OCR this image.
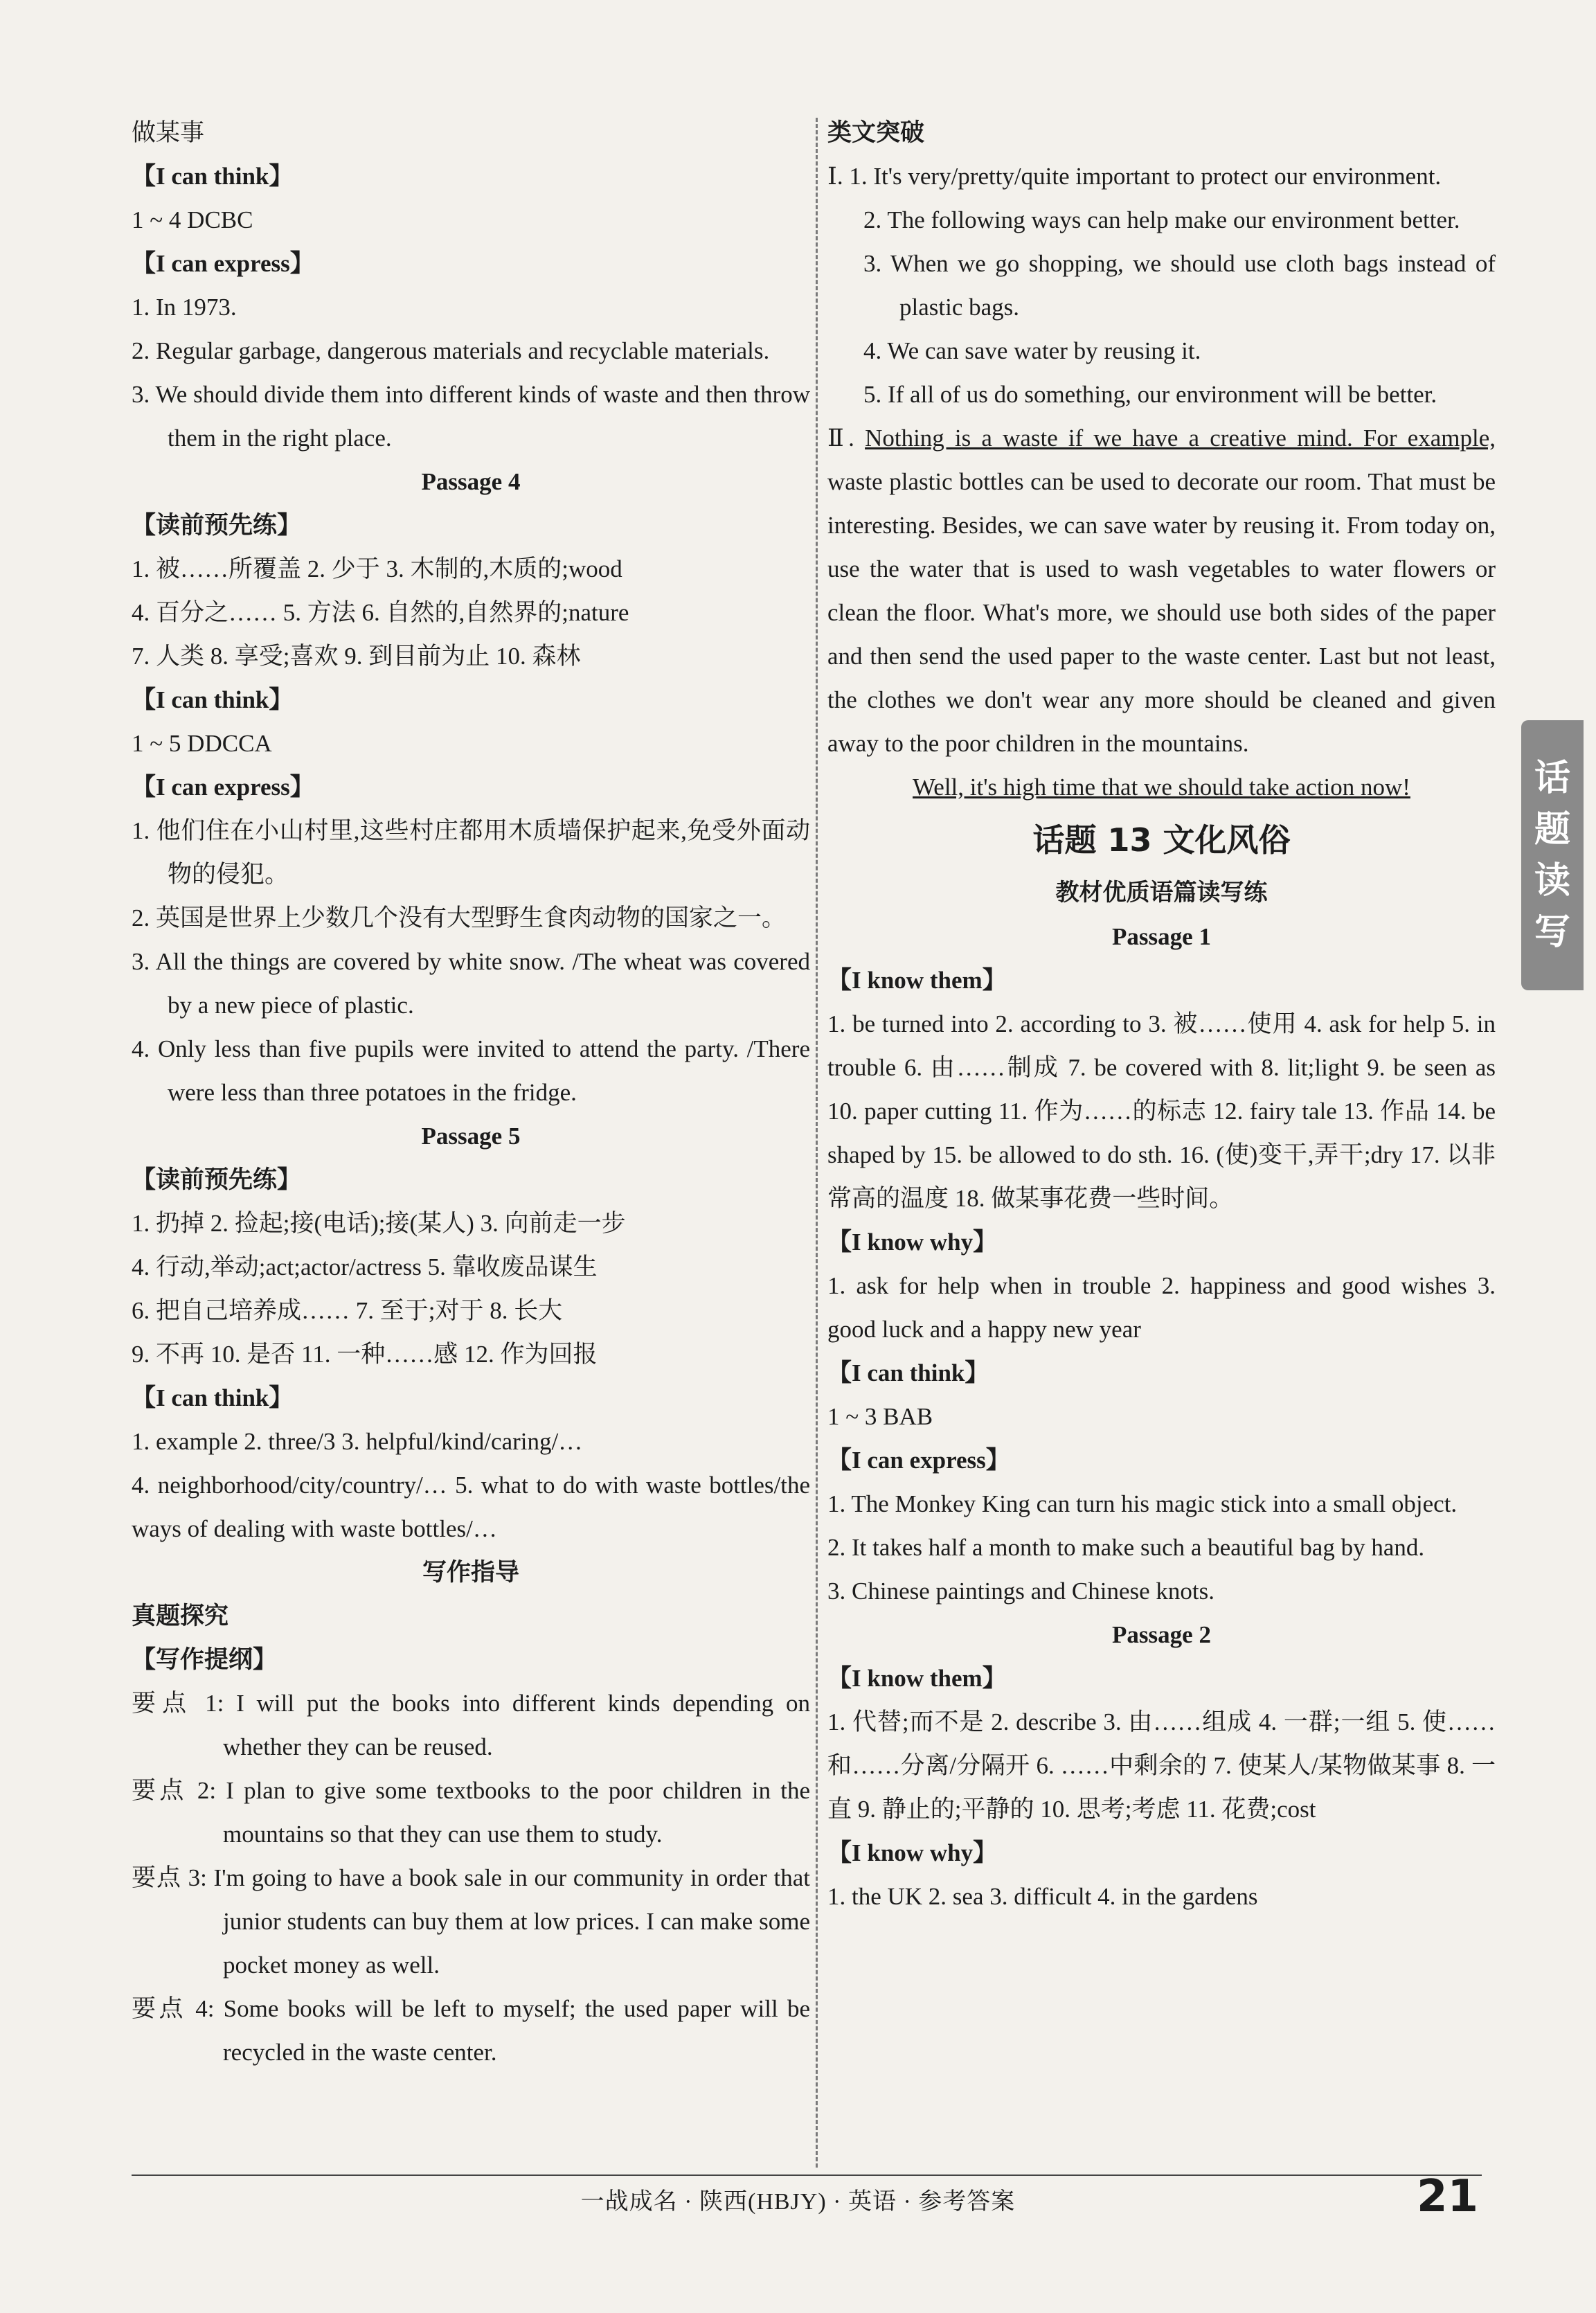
做某事
【I can think】
1 ~ 4 DCBC
【I can express】
1. In 1973.
2. Regular garbage, dangerous materials and recyclable materials.
3. We should divide them into different kinds of waste and then throw them in the right place.
Passage 4
【读前预先练】
1. 被……所覆盖 2. 少于 3. 木制的,木质的;wood
4. 百分之…… 5. 方法 6. 自然的,自然界的;nature
7. 人类 8. 享受;喜欢 9. 到目前为止 10. 森林
【I can think】
1 ~ 5 DDCCA
【I can express】
1. 他们住在小山村里,这些村庄都用木质墙保护起来,免受外面动物的侵犯。
2. 英国是世界上少数几个没有大型野生食肉动物的国家之一。
3. All the things are covered by white snow. /The wheat was covered by a new piece of plastic.
4. Only less than five pupils were invited to attend the party. /There were less than three potatoes in the fridge.
Passage 5
【读前预先练】
1. 扔掉 2. 捡起;接(电话);接(某人) 3. 向前走一步
4. 行动,举动;act;actor/actress 5. 靠收废品谋生
6. 把自己培养成…… 7. 至于;对于 8. 长大
9. 不再 10. 是否 11. 一种……感 12. 作为回报
【I can think】
1. example 2. three/3 3. helpful/kind/caring/…
4. neighborhood/city/country/… 5. what to do with waste bottles/the ways of dealing with waste bottles/…
写作指导
真题探究
【写作提纲】
要点 1: I will put the books into different kinds depending on whether they can be reused.
要点 2: I plan to give some textbooks to the poor children in the mountains so that they can use them to study.
要点 3: I'm going to have a book sale in our community in order that junior students can buy them at low prices. I can make some pocket money as well.
要点 4: Some books will be left to myself; the used paper will be recycled in the waste center.
类文突破
Ⅰ. 1. It's very/pretty/quite important to protect our environment.
2. The following ways can help make our environment better.
3. When we go shopping, we should use cloth bags instead of plastic bags.
4. We can save water by reusing it.
5. If all of us do something, our environment will be better.
Ⅱ. Nothing is a waste if we have a creative mind. For example, waste plastic bottles can be used to decorate our room. That must be interesting. Besides, we can save water by reusing it. From today on, use the water that is used to wash vegetables to water flowers or clean the floor. What's more, we should use both sides of the paper and then send the used paper to the waste center. Last but not least, the clothes we don't wear any more should be cleaned and given away to the poor children in the mountains.
Well, it's high time that we should take action now!
话题 13 文化风俗
教材优质语篇读写练
Passage 1
【I know them】
1. be turned into 2. according to 3. 被……使用 4. ask for help 5. in trouble 6. 由……制成 7. be covered with 8. lit;light 9. be seen as 10. paper cutting 11. 作为……的标志 12. fairy tale 13. 作品 14. be shaped by 15. be allowed to do sth. 16. (使)变干,弄干;dry 17. 以非常高的温度 18. 做某事花费一些时间。
【I know why】
1. ask for help when in trouble 2. happiness and good wishes 3. good luck and a happy new year
【I can think】
1 ~ 3 BAB
【I can express】
1. The Monkey King can turn his magic stick into a small object.
2. It takes half a month to make such a beautiful bag by hand.
3. Chinese paintings and Chinese knots.
Passage 2
【I know them】
1. 代替;而不是 2. describe 3. 由……组成 4. 一群;一组 5. 使……和……分离/分隔开 6. ……中剩余的 7. 使某人/某物做某事 8. 一直 9. 静止的;平静的 10. 思考;考虑 11. 花费;cost
【I know why】
1. the UK 2. sea 3. difficult 4. in the gardens
话
题
读
写
一战成名 · 陕西(HBJY) · 英语 · 参考答案	21
